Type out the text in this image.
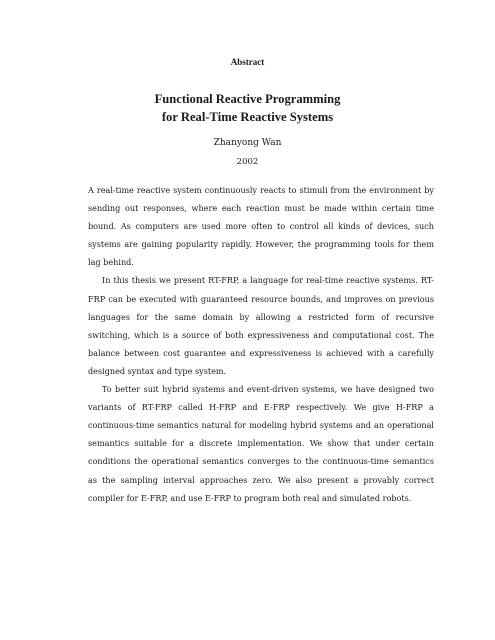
Abstract
Functional Reactive Programming
for Real-Time Reactive Systems
Zhanyong Wan
2002

A real-time reactive system continuously reacts to stimuli from the environment by sending out responses, where each reaction must be made within certain time bound. As computers are used more often to control all kinds of devices, such systems are gaining popularity rapidly. However, the programming tools for them lag behind.

In this thesis we present RT-FRP, a language for real-time reactive systems. RT-FRP can be executed with guaranteed resource bounds, and improves on previous languages for the same domain by allowing a restricted form of recursive switching, which is a source of both expressiveness and computational cost. The balance between cost guarantee and expressiveness is achieved with a carefully designed syntax and type system.

To better suit hybrid systems and event-driven systems, we have designed two variants of RT-FRP called H-FRP and E-FRP respectively. We give H-FRP a continuous-time semantics natural for modeling hybrid systems and an operational semantics suitable for a discrete implementation. We show that under certain conditions the operational semantics converges to the continuous-time semantics as the sampling interval approaches zero. We also present a provably correct compiler for E-FRP, and use E-FRP to program both real and simulated robots.
